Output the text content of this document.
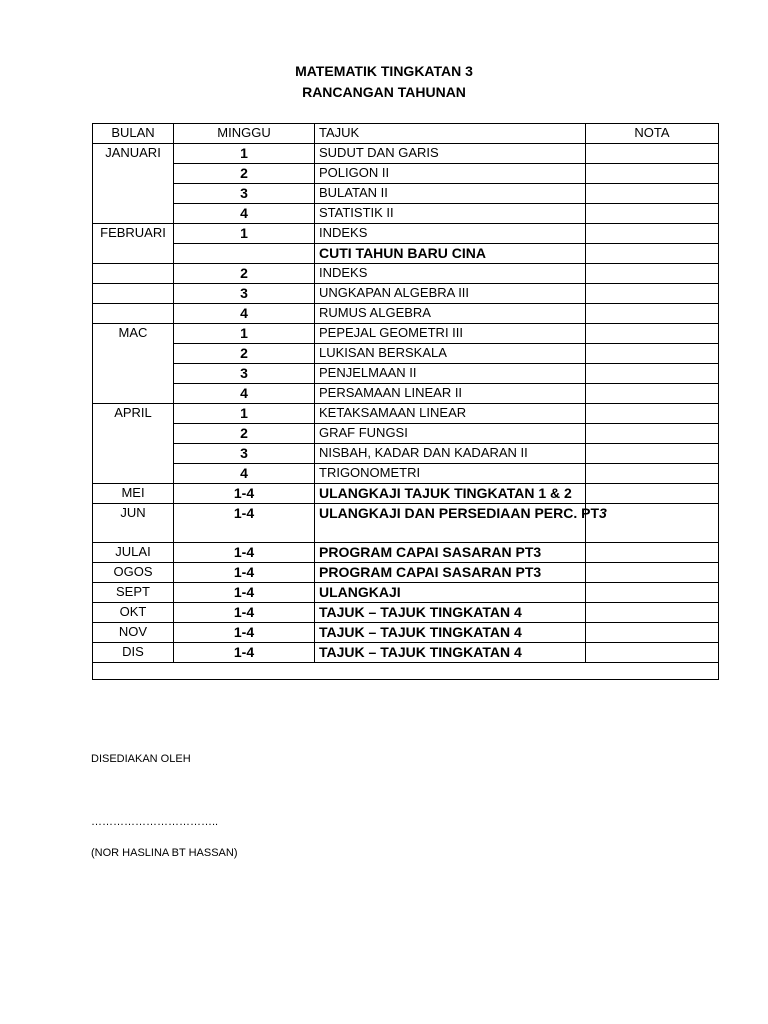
MATEMATIK TINGKATAN 3
RANCANGAN TAHUNAN
BULAN	MINGGU	TAJUK	NOTA
JANUARI	1	SUDUT DAN GARIS	
	2	POLIGON II	
	3	BULATAN II	
	4	STATISTIK II	
FEBRUARI	1	INDEKS	
		CUTI TAHUN BARU CINA	
	2	INDEKS	
	3	UNGKAPAN ALGEBRA III	
	4	RUMUS ALGEBRA	
MAC	1	PEPEJAL GEOMETRI III	
	2	LUKISAN BERSKALA	
	3	PENJELMAAN II	
	4	PERSAMAAN LINEAR II	
APRIL	1	KETAKSAMAAN LINEAR	
	2	GRAF FUNGSI	
	3	NISBAH, KADAR DAN KADARAN II	
	4	TRIGONOMETRI	
MEI	1-4	ULANGKAJI TAJUK TINGKATAN 1 & 2	
JUN	1-4	ULANGKAJI DAN PERSEDIAAN PERC. PT3	
JULAI	1-4	PROGRAM CAPAI SASARAN PT3	
OGOS	1-4	PROGRAM CAPAI SASARAN PT3	
SEPT	1-4	ULANGKAJI	
OKT	1-4	TAJUK – TAJUK TINGKATAN 4	
NOV	1-4	TAJUK – TAJUK TINGKATAN 4	
DIS	1-4	TAJUK – TAJUK TINGKATAN 4	

DISEDIAKAN OLEH
……………………………..
(NOR HASLINA BT HASSAN)
